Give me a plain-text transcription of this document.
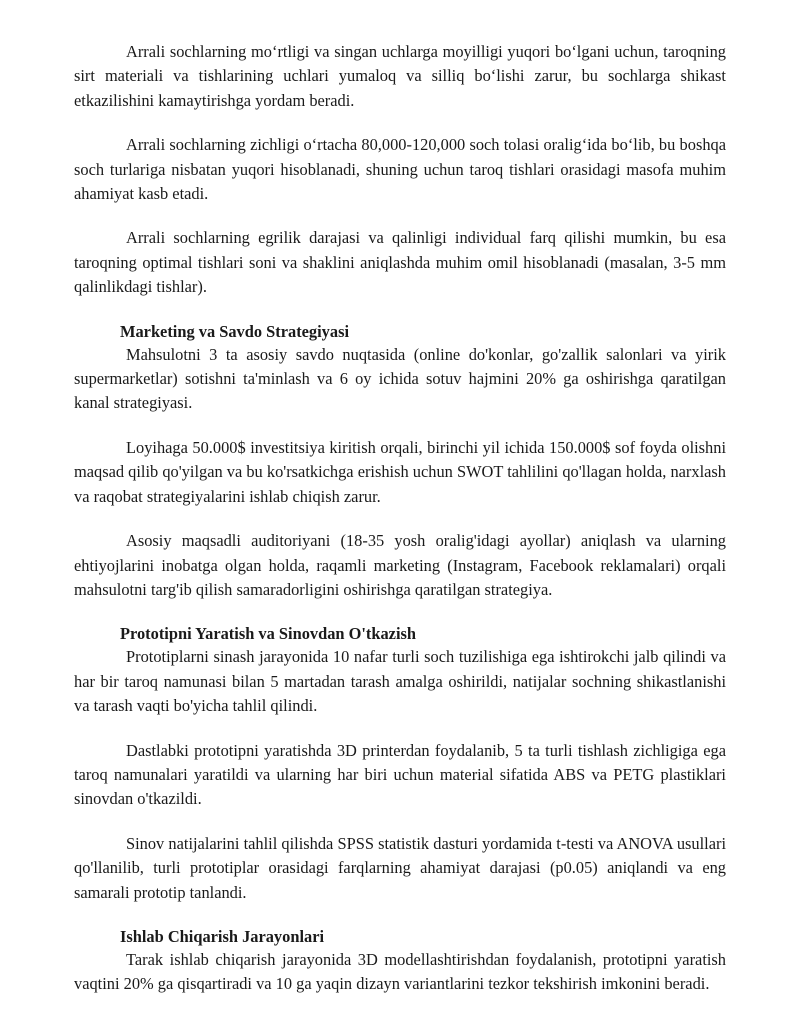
Arrali sochlarning mo‘rtligi va singan uchlarga moyilligi yuqori bo‘lgani uchun, taroqning sirt materiali va tishlarining uchlari yumaloq va silliq bo‘lishi zarur, bu sochlarga shikast etkazilishini kamaytirishga yordam beradi.

Arrali sochlarning zichligi o‘rtacha 80,000-120,000 soch tolasi oralig‘ida bo‘lib, bu boshqa soch turlariga nisbatan yuqori hisoblanadi, shuning uchun taroq tishlari orasidagi masofa muhim ahamiyat kasb etadi.

Arrali sochlarning egrilik darajasi va qalinligi individual farq qilishi mumkin, bu esa taroqning optimal tishlari soni va shaklini aniqlashda muhim omil hisoblanadi (masalan, 3-5 mm qalinlikdagi tishlar).

Marketing va Savdo Strategiyasi

Mahsulotni 3 ta asosiy savdo nuqtasida (online do'konlar, go'zallik salonlari va yirik supermarketlar) sotishni ta'minlash va 6 oy ichida sotuv hajmini 20% ga oshirishga qaratilgan kanal strategiyasi.

Loyihaga 50.000$ investitsiya kiritish orqali, birinchi yil ichida 150.000$ sof foyda olishni maqsad qilib qo'yilgan va bu ko'rsatkichga erishish uchun SWOT tahlilini qo'llagan holda, narxlash va raqobat strategiyalarini ishlab chiqish zarur.

Asosiy maqsadli auditoriyani (18-35 yosh oralig'idagi ayollar) aniqlash va ularning ehtiyojlarini inobatga olgan holda, raqamli marketing (Instagram, Facebook reklamalari) orqali mahsulotni targ'ib qilish samaradorligini oshirishga qaratilgan strategiya.

Prototipni Yaratish va Sinovdan O'tkazish

Prototiplarni sinash jarayonida 10 nafar turli soch tuzilishiga ega ishtirokchi jalb qilindi va har bir taroq namunasi bilan 5 martadan tarash amalga oshirildi, natijalar sochning shikastlanishi va tarash vaqti bo'yicha tahlil qilindi.

Dastlabki prototipni yaratishda 3D printerdan foydalanib, 5 ta turli tishlash zichligiga ega taroq namunalari yaratildi va ularning har biri uchun material sifatida ABS va PETG plastiklari sinovdan o'tkazildi.

Sinov natijalarini tahlil qilishda SPSS statistik dasturi yordamida t-testi va ANOVA usullari qo'llanilib, turli prototiplar orasidagi farqlarning ahamiyat darajasi (p0.05) aniqlandi va eng samarali prototip tanlandi.

Ishlab Chiqarish Jarayonlari

Tarak ishlab chiqarish jarayonida 3D modellashtirishdan foydalanish, prototipni yaratish vaqtini 20% ga qisqartiradi va 10 ga yaqin dizayn variantlarini tezkor tekshirish imkonini beradi.
